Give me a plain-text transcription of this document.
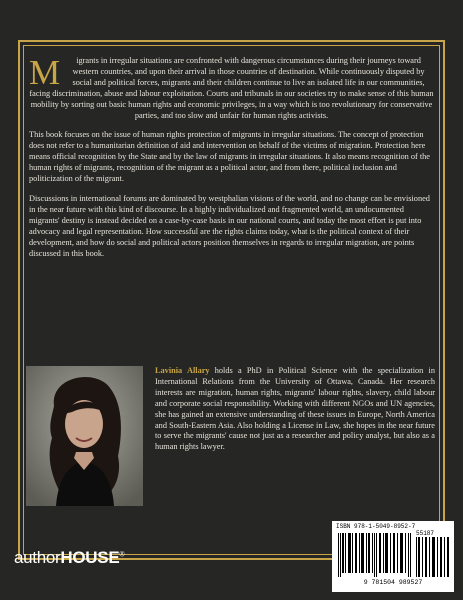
M igrants in irregular situations are confronted with dangerous circumstances during their journeys toward western countries, and upon their arrival in those countries of destination. While continuously disputed by social and political forces, migrants and their children continue to live an isolated life in our communities, facing discrimination, abuse and labour exploitation. Courts and tribunals in our societies try to make sense of this human mobility by sorting out basic human rights and economic privileges, in a way which is too revolutionary for conservative parties, and too slow and unfair for human rights activists.

This book focuses on the issue of human rights protection of migrants in irregular situations. The concept of protection does not refer to a humanitarian definition of aid and intervention on behalf of the victims of migration. Protection here means official recognition by the State and by the law of migrants in irregular situations. It also means recognition of the human rights of migrants, recognition of the migrant as a political actor, and from there, political inclusion and politicization of the migrant.

Discussions in international forums are dominated by westphalian visions of the world, and no change can be envisioned in the near future with this kind of discourse. In a highly individualized and fragmented world, an undocumented migrants' destiny is instead decided on a case-by-case basis in our national courts, and today the most effort is put into advocacy and legal representation. How successful are the rights claims today, what is the political context of their development, and how do social and political actors position themselves in regards to irregular migration, are points discussed in this book.

Lavinia Allary holds a PhD in Political Science with the specialization in International Relations from the University of Ottawa, Canada. Her research interests are migration, human rights, migrants' labour rights, slavery, child labour and corporate social responsibility. Working with different NGOs and UN agencies, she has gained an extensive understanding of these issues in Europe, North America and South-Eastern Asia. Also holding a License in Law, she hopes in the near future to serve the migrants' cause not just as a researcher and policy analyst, but also as a human rights lawyer.

authorHOUSE®
ISBN 978-1-5049-8952-7
55187
9 781504 989527
